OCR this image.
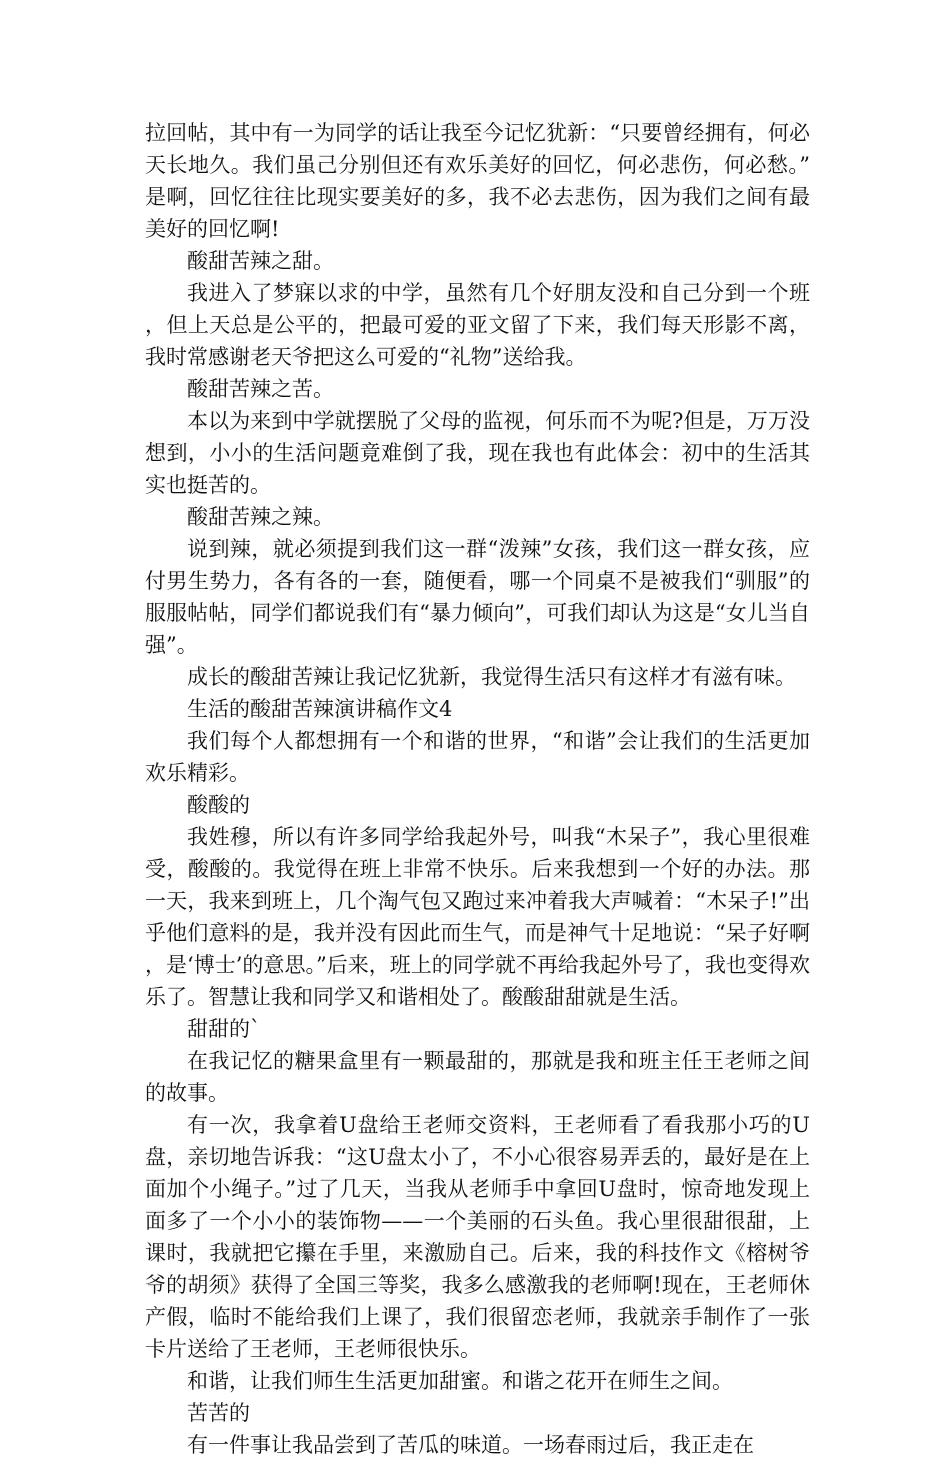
拉回帖，其中有一为同学的话让我至今记忆犹新：“只要曾经拥有，何必天长地久。我们虽己分别但还有欢乐美好的回忆，何必悲伤，何必愁。”是啊，回忆往往比现实要美好的多，我不必去悲伤，因为我们之间有最美好的回忆啊!

酸甜苦辣之甜。

我进入了梦寐以求的中学，虽然有几个好朋友没和自己分到一个班，但上天总是公平的，把最可爱的亚文留了下来，我们每天形影不离，我时常感谢老天爷把这么可爱的“礼物”送给我。

酸甜苦辣之苦。

本以为来到中学就摆脱了父母的监视，何乐而不为呢?但是，万万没想到，小小的生活问题竟难倒了我，现在我也有此体会：初中的生活其实也挺苦的。

酸甜苦辣之辣。

说到辣，就必须提到我们这一群“泼辣”女孩，我们这一群女孩，应付男生势力，各有各的一套，随便看，哪一个同桌不是被我们“驯服”的服服帖帖，同学们都说我们有“暴力倾向”，可我们却认为这是“女儿当自强”。

成长的酸甜苦辣让我记忆犹新，我觉得生活只有这样才有滋有味。

生活的酸甜苦辣演讲稿作文4

我们每个人都想拥有一个和谐的世界，“和谐”会让我们的生活更加欢乐精彩。

酸酸的

我姓穆，所以有许多同学给我起外号，叫我“木呆子”，我心里很难受，酸酸的。我觉得在班上非常不快乐。后来我想到一个好的办法。那一天，我来到班上，几个淘气包又跑过来冲着我大声喊着：“木呆子!”出乎他们意料的是，我并没有因此而生气，而是神气十足地说：“呆子好啊，是‘博士’的意思。”后来，班上的同学就不再给我起外号了，我也变得欢乐了。智慧让我和同学又和谐相处了。酸酸甜甜就是生活。

甜甜的`

在我记忆的糖果盒里有一颗最甜的，那就是我和班主任王老师之间的故事。

有一次，我拿着U盘给王老师交资料，王老师看了看我那小巧的U盘，亲切地告诉我：“这U盘太小了，不小心很容易弄丢的，最好是在上面加个小绳子。”过了几天，当我从老师手中拿回U盘时，惊奇地发现上面多了一个小小的装饰物——一个美丽的石头鱼。我心里很甜很甜，上课时，我就把它攥在手里，来激励自己。后来，我的科技作文《榕树爷爷的胡须》获得了全国三等奖，我多么感激我的老师啊!现在，王老师休产假，临时不能给我们上课了，我们很留恋老师，我就亲手制作了一张卡片送给了王老师，王老师很快乐。

和谐，让我们师生生活更加甜蜜。和谐之花开在师生之间。

苦苦的

有一件事让我品尝到了苦瓜的味道。一场春雨过后，我正走在
